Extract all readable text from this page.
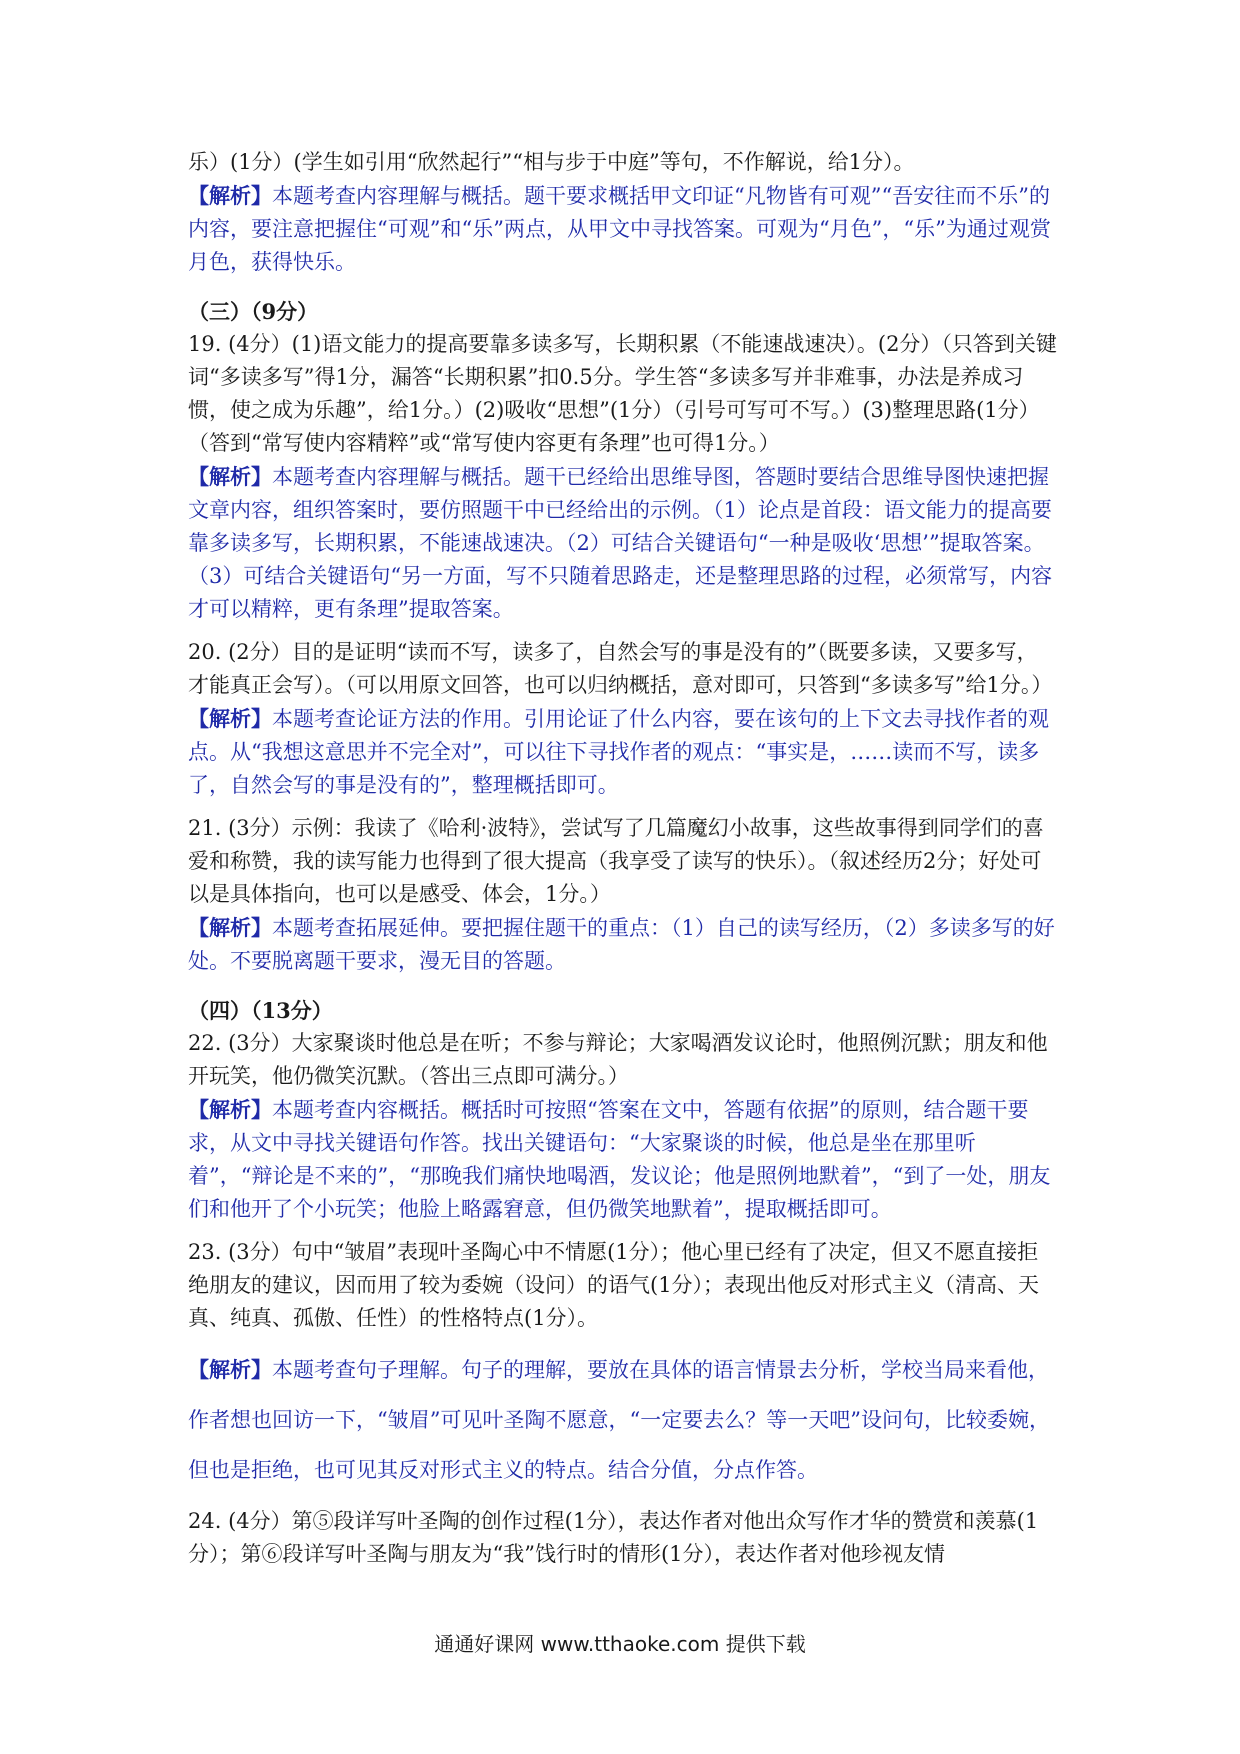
乐）(1分）(学生如引用“欣然起行”“相与步于中庭”等句，不作解说，给1分）。

【解析】本题考查内容理解与概括。题干要求概括甲文印证“凡物皆有可观”“吾安往而不乐”的内容，要注意把握住“可观”和“乐”两点，从甲文中寻找答案。可观为“月色”，“乐”为通过观赏月色，获得快乐。

（三）（9分）

19. (4分）(1)语文能力的提高要靠多读多写，长期积累（不能速战速决）。(2分）（只答到关键词“多读多写”得1分，漏答“长期积累”扣0.5分。学生答“多读多写并非难事，办法是养成习惯，使之成为乐趣”，给1分。）(2)吸收“思想”(1分）（引号可写可不写。）(3)整理思路(1分）（答到“常写使内容精粹”或“常写使内容更有条理”也可得1分。）

【解析】本题考查内容理解与概括。题干已经给出思维导图，答题时要结合思维导图快速把握文章内容，组织答案时，要仿照题干中已经给出的示例。（1）论点是首段：语文能力的提高要靠多读多写，长期积累，不能速战速决。（2）可结合关键语句“一种是吸收‘思想’”提取答案。（3）可结合关键语句“另一方面，写不只随着思路走，还是整理思路的过程，必须常写，内容才可以精粹，更有条理”提取答案。

20. (2分）目的是证明“读而不写，读多了，自然会写的事是没有的”（既要多读，又要多写，才能真正会写）。（可以用原文回答，也可以归纳概括，意对即可，只答到“多读多写”给1分。）

【解析】本题考查论证方法的作用。引用论证了什么内容，要在该句的上下文去寻找作者的观点。从“我想这意思并不完全对”，可以往下寻找作者的观点：“事实是，……读而不写，读多了，自然会写的事是没有的”，整理概括即可。

21. (3分）示例：我读了《哈利·波特》，尝试写了几篇魔幻小故事，这些故事得到同学们的喜爱和称赞，我的读写能力也得到了很大提高（我享受了读写的快乐）。（叙述经历2分；好处可以是具体指向，也可以是感受、体会，1分。）

【解析】本题考查拓展延伸。要把握住题干的重点：（1）自己的读写经历，（2）多读多写的好处。不要脱离题干要求，漫无目的答题。

（四）（13分）

22. (3分）大家聚谈时他总是在听；不参与辩论；大家喝酒发议论时，他照例沉默；朋友和他开玩笑，他仍微笑沉默。（答出三点即可满分。）

【解析】本题考查内容概括。概括时可按照“答案在文中，答题有依据”的原则，结合题干要求，从文中寻找关键语句作答。找出关键语句：“大家聚谈的时候，他总是坐在那里听着”，“辩论是不来的”，“那晚我们痛快地喝酒，发议论；他是照例地默着”，“到了一处，朋友们和他开了个小玩笑；他脸上略露窘意，但仍微笑地默着”，提取概括即可。

23. (3分）句中“皱眉”表现叶圣陶心中不情愿(1分）；他心里已经有了决定，但又不愿直接拒绝朋友的建议，因而用了较为委婉（设问）的语气(1分）；表现出他反对形式主义（清高、天真、纯真、孤傲、任性）的性格特点(1分）。

【解析】本题考查句子理解。句子的理解，要放在具体的语言情景去分析，学校当局来看他，作者想也回访一下，“皱眉”可见叶圣陶不愿意，“一定要去么？等一天吧”设问句，比较委婉，但也是拒绝，也可见其反对形式主义的特点。结合分值，分点作答。

24. (4分）第⑤段详写叶圣陶的创作过程(1分），表达作者对他出众写作才华的赞赏和羡慕(1分）；第⑥段详写叶圣陶与朋友为“我”饯行时的情形(1分），表达作者对他珍视友情

通通好课网 www.tthaoke.com 提供下载
